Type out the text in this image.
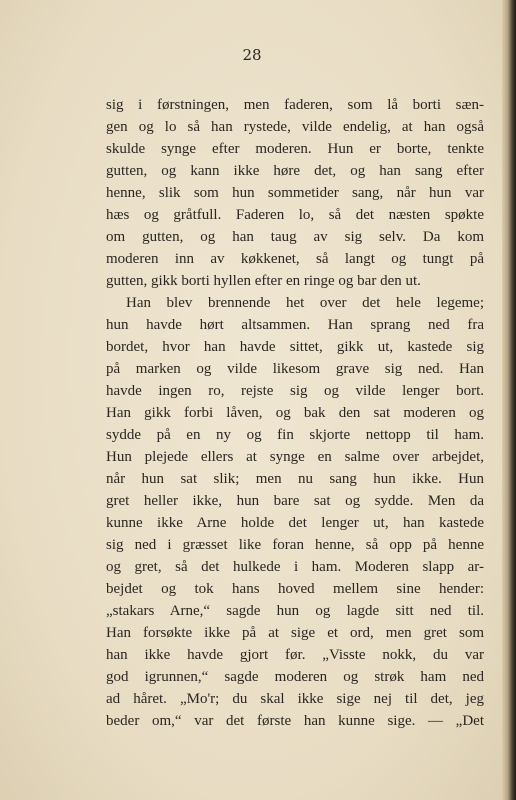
28
sig i førstningen, men faderen, som lå borti sæn-
gen og lo så han rystede, vilde endelig, at han også
skulde synge efter moderen. Hun er borte, tenkte
gutten, og kann ikke høre det, og han sang efter
henne, slik som hun sommetider sang, når hun var
hæs og gråtfull. Faderen lo, så det næsten spøkte
om gutten, og han taug av sig selv. Da kom
moderen inn av køkkenet, så langt og tungt på
gutten, gikk borti hyllen efter en ringe og bar den ut.
Han blev brennende het over det hele legeme;
hun havde hørt altsammen. Han sprang ned fra
bordet, hvor han havde sittet, gikk ut, kastede sig
på marken og vilde likesom grave sig ned. Han
havde ingen ro, rejste sig og vilde lenger bort.
Han gikk forbi låven, og bak den sat moderen og
sydde på en ny og fin skjorte nettopp til ham.
Hun plejede ellers at synge en salme over arbejdet,
når hun sat slik; men nu sang hun ikke. Hun
gret heller ikke, hun bare sat og sydde. Men da
kunne ikke Arne holde det lenger ut, han kastede
sig ned i græsset like foran henne, så opp på henne
og gret, så det hulkede i ham. Moderen slapp ar-
bejdet og tok hans hoved mellem sine hender:
„stakars Arne,“ sagde hun og lagde sitt ned til.
Han forsøkte ikke på at sige et ord, men gret som
han ikke havde gjort før. „Visste nokk, du var
god igrunnen,“ sagde moderen og strøk ham ned
ad håret. „Mo'r; du skal ikke sige nej til det, jeg
beder om,“ var det første han kunne sige. — „Det
